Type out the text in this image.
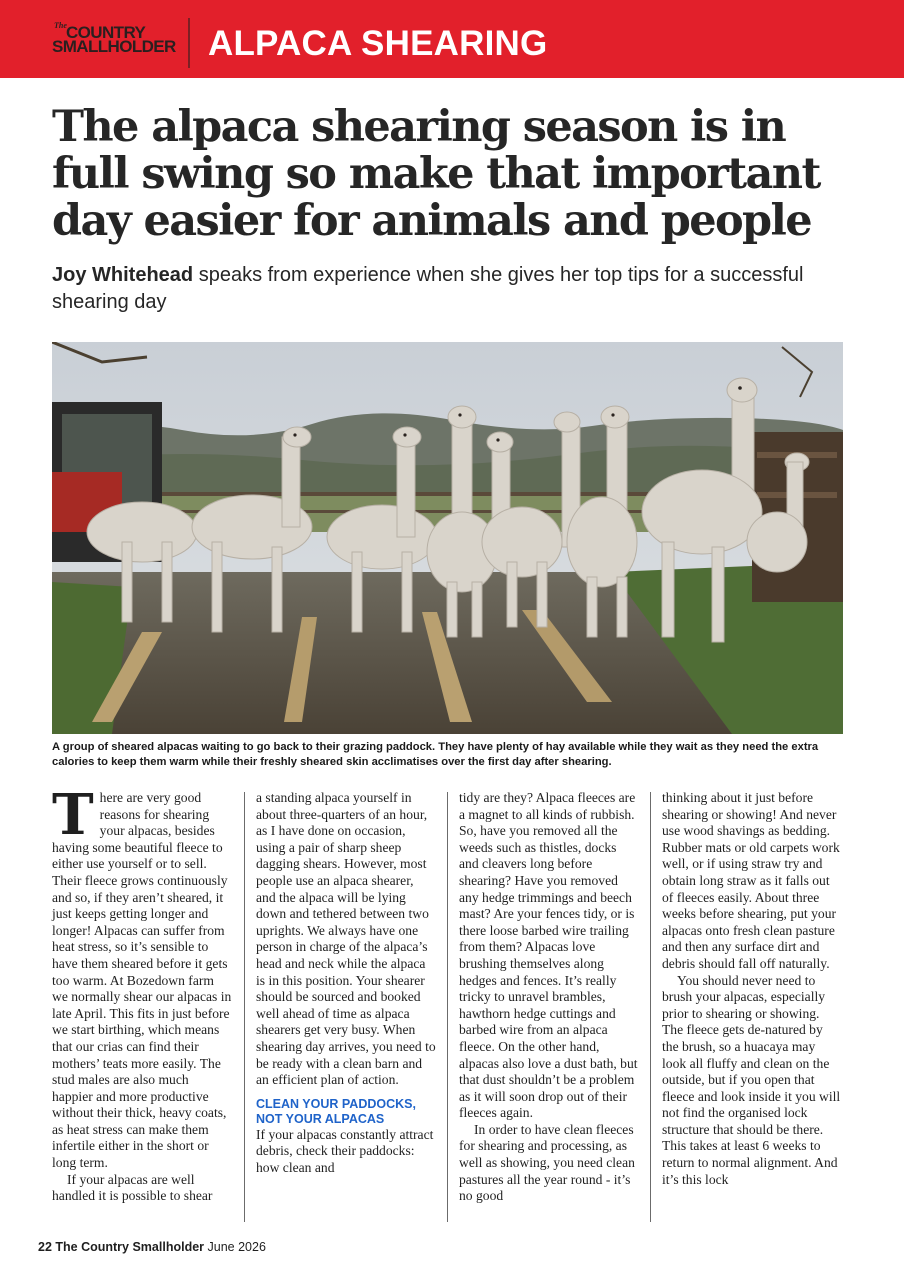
The COUNTRY
SMALLHOLDER ALPACA SHEARING
The alpaca shearing season is in full swing so make that important day easier for animals and people

Joy Whitehead speaks from experience when she gives her top tips for a successful shearing day

A group of sheared alpacas waiting to go back to their grazing paddock. They have plenty of hay available while they wait as they need the extra calories to keep them warm while their freshly sheared skin acclimatises over the first day after shearing.

There are very good reasons for shearing your alpacas, besides having some beautiful fleece to either use yourself or to sell. Their fleece grows continuously and so, if they aren’t sheared, it just keeps getting longer and longer! Alpacas can suffer from heat stress, so it’s sensible to have them sheared before it gets too warm. At Bozedown farm we normally shear our alpacas in late April. This fits in just before we start birthing, which means that our crias can find their mothers’ teats more easily. The stud males are also much happier and more productive without their thick, heavy coats, as heat stress can make them infertile either in the short or long term.

If your alpacas are well handled it is possible to shear

a standing alpaca yourself in about three-quarters of an hour, as I have done on occasion, using a pair of sharp sheep dagging shears. However, most people use an alpaca shearer, and the alpaca will be lying down and tethered between two uprights. We always have one person in charge of the alpaca’s head and neck while the alpaca is in this position. Your shearer should be sourced and booked well ahead of time as alpaca shearers get very busy. When shearing day arrives, you need to be ready with a clean barn and an efficient plan of action.

CLEAN YOUR PADDOCKS, NOT YOUR ALPACAS

If your alpacas constantly attract debris, check their paddocks: how clean and

tidy are they? Alpaca fleeces are a magnet to all kinds of rubbish. So, have you removed all the weeds such as thistles, docks and cleavers long before shearing? Have you removed any hedge trimmings and beech mast? Are your fences tidy, or is there loose barbed wire trailing from them? Alpacas love brushing themselves along hedges and fences. It’s really tricky to unravel brambles, hawthorn hedge cuttings and barbed wire from an alpaca fleece. On the other hand, alpacas also love a dust bath, but that dust shouldn’t be a problem as it will soon drop out of their fleeces again.

In order to have clean fleeces for shearing and processing, as well as showing, you need clean pastures all the year round - it’s no good

thinking about it just before shearing or showing! And never use wood shavings as bedding. Rubber mats or old carpets work well, or if using straw try and obtain long straw as it falls out of fleeces easily. About three weeks before shearing, put your alpacas onto fresh clean pasture and then any surface dirt and debris should fall off naturally.

You should never need to brush your alpacas, especially prior to shearing or showing. The fleece gets de-natured by the brush, so a huacaya may look all fluffy and clean on the outside, but if you open that fleece and look inside it you will not find the organised lock structure that should be there. This takes at least 6 weeks to return to normal alignment. And it’s this lock

22 The Country Smallholder June 2026
